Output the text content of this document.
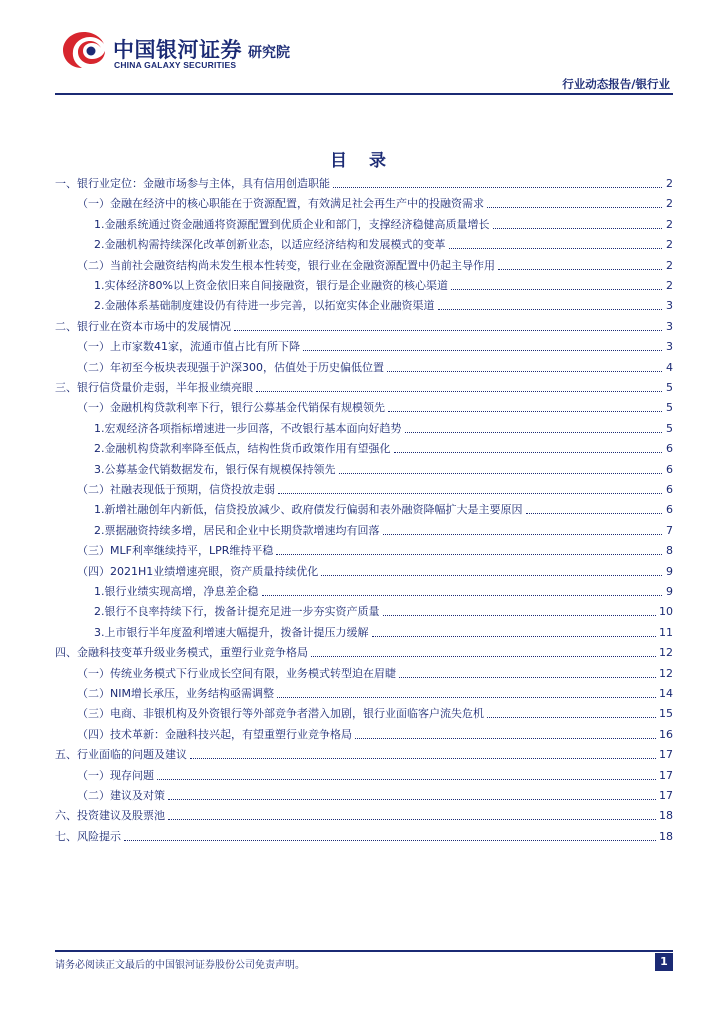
中国银河证券
CHINA GALAXY SECURITIES
研究院
行业动态报告/银行业
目 录
一、银行业定位：金融市场参与主体，具有信用创造职能	2
（一）金融在经济中的核心职能在于资源配置，有效满足社会再生产中的投融资需求	2
1.金融系统通过资金融通将资源配置到优质企业和部门，支撑经济稳健高质量增长	2
2.金融机构需持续深化改革创新业态，以适应经济结构和发展模式的变革	2
（二）当前社会融资结构尚未发生根本性转变，银行业在金融资源配置中仍起主导作用	2
1.实体经济80%以上资金依旧来自间接融资，银行是企业融资的核心渠道	2
2.金融体系基础制度建设仍有待进一步完善，以拓宽实体企业融资渠道	3
二、银行业在资本市场中的发展情况	3
（一）上市家数41家，流通市值占比有所下降	3
（二）年初至今板块表现强于沪深300，估值处于历史偏低位置	4
三、银行信贷量价走弱，半年报业绩亮眼	5
（一）金融机构贷款利率下行，银行公募基金代销保有规模领先	5
1.宏观经济各项指标增速进一步回落，不改银行基本面向好趋势	5
2.金融机构贷款利率降至低点，结构性货币政策作用有望强化	6
3.公募基金代销数据发布，银行保有规模保持领先	6
（二）社融表现低于预期，信贷投放走弱	6
1.新增社融创年内新低，信贷投放减少、政府债发行偏弱和表外融资降幅扩大是主要原因	6
2.票据融资持续多增，居民和企业中长期贷款增速均有回落	7
（三）MLF利率继续持平，LPR维持平稳	8
（四）2021H1业绩增速亮眼，资产质量持续优化	9
1.银行业绩实现高增，净息差企稳	9
2.银行不良率持续下行，拨备计提充足进一步夯实资产质量	10
3.上市银行半年度盈利增速大幅提升，拨备计提压力缓解	11
四、金融科技变革升级业务模式，重塑行业竞争格局	12
（一）传统业务模式下行业成长空间有限，业务模式转型迫在眉睫	12
（二）NIM增长承压，业务结构亟需调整	14
（三）电商、非银机构及外资银行等外部竞争者潜入加剧，银行业面临客户流失危机	15
（四）技术革新：金融科技兴起，有望重塑行业竞争格局	16
五、行业面临的问题及建议	17
（一）现存问题	17
（二）建议及对策	17
六、投资建议及股票池	18
七、风险提示	18
请务必阅读正文最后的中国银河证券股份公司免责声明。	1
